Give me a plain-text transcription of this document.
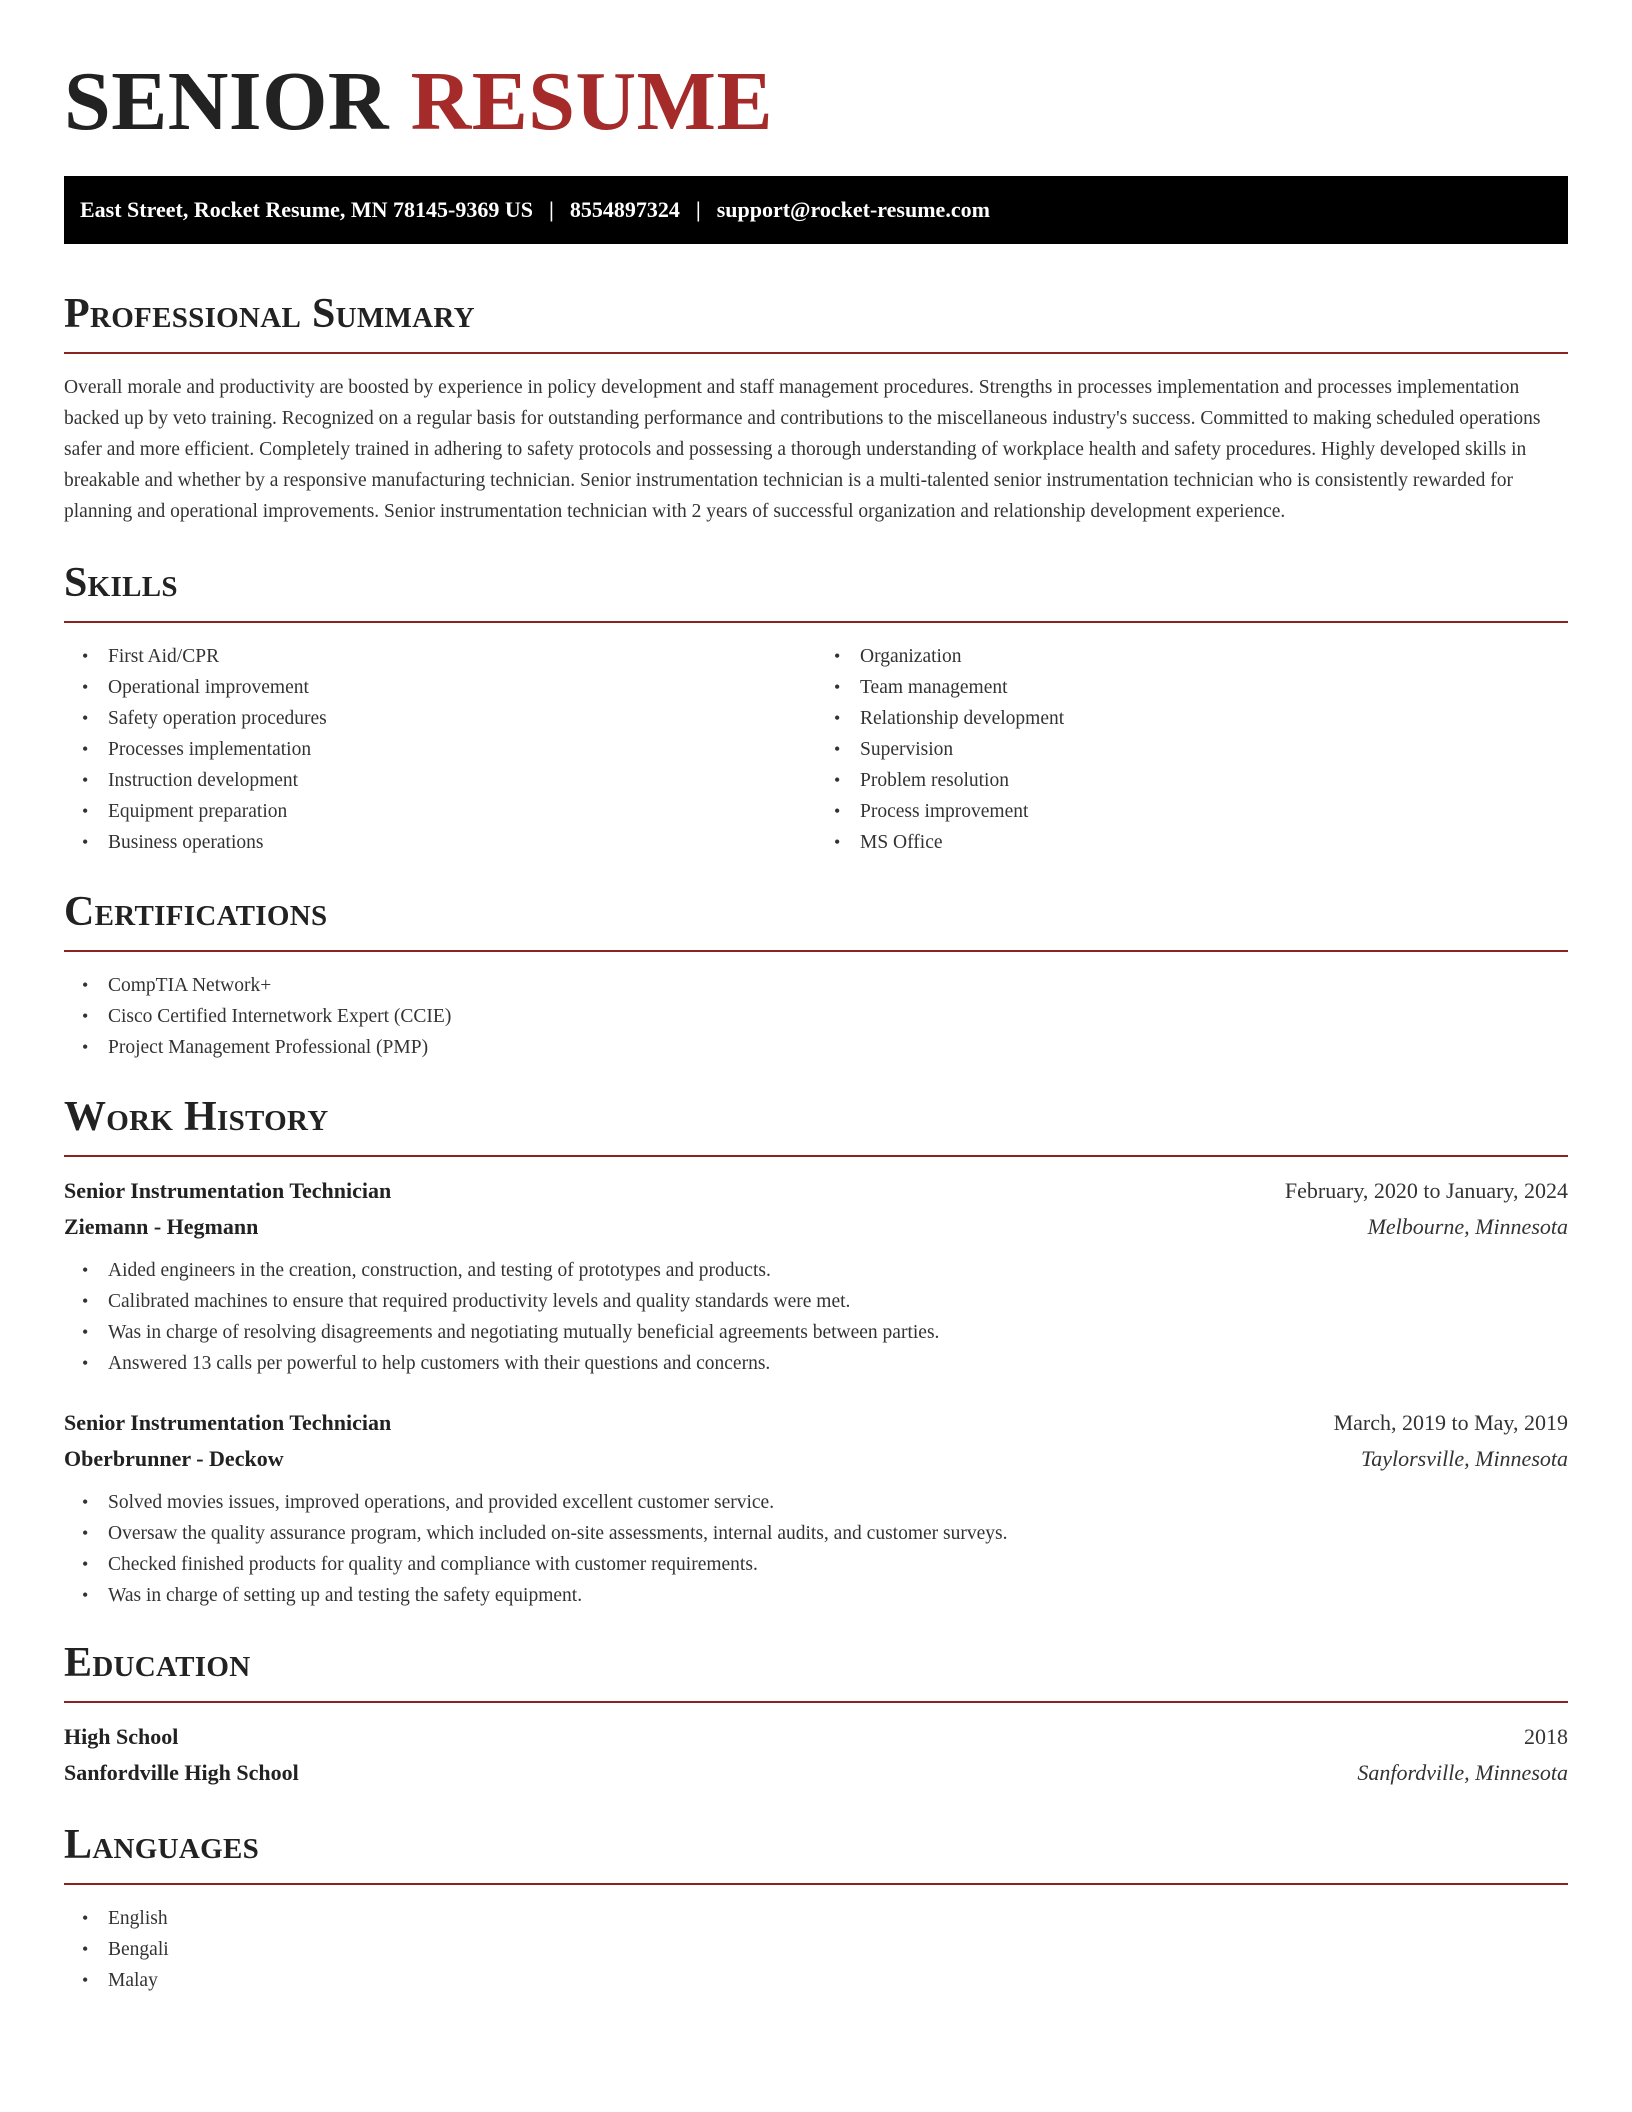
SENIOR RESUME
East Street, Rocket Resume, MN 78145-9369 US | 8554897324 | support@rocket-resume.com
Professional Summary

Overall morale and productivity are boosted by experience in policy development and staff management procedures. Strengths in processes implementation and processes implementation backed up by veto training. Recognized on a regular basis for outstanding performance and contributions to the miscellaneous industry's success. Committed to making scheduled operations safer and more efficient. Completely trained in adhering to safety protocols and possessing a thorough understanding of workplace health and safety procedures. Highly developed skills in breakable and whether by a responsive manufacturing technician. Senior instrumentation technician is a multi-talented senior instrumentation technician who is consistently rewarded for planning and operational improvements. Senior instrumentation technician with 2 years of successful organization and relationship development experience.

Skills
• First Aid/CPR
• Operational improvement
• Safety operation procedures
• Processes implementation
• Instruction development
• Equipment preparation
• Business operations
• Organization
• Team management
• Relationship development
• Supervision
• Problem resolution
• Process improvement
• MS Office
Certifications
• CompTIA Network+
• Cisco Certified Internetwork Expert (CCIE)
• Project Management Professional (PMP)
Work History
Senior Instrumentation Technician	February, 2020 to January, 2024
Ziemann - Hegmann	Melbourne, Minnesota
• Aided engineers in the creation, construction, and testing of prototypes and products.
• Calibrated machines to ensure that required productivity levels and quality standards were met.
• Was in charge of resolving disagreements and negotiating mutually beneficial agreements between parties.
• Answered 13 calls per powerful to help customers with their questions and concerns.
Senior Instrumentation Technician	March, 2019 to May, 2019
Oberbrunner - Deckow	Taylorsville, Minnesota
• Solved movies issues, improved operations, and provided excellent customer service.
• Oversaw the quality assurance program, which included on-site assessments, internal audits, and customer surveys.
• Checked finished products for quality and compliance with customer requirements.
• Was in charge of setting up and testing the safety equipment.
Education
High School	2018
Sanfordville High School	Sanfordville, Minnesota
Languages
• English
• Bengali
• Malay
